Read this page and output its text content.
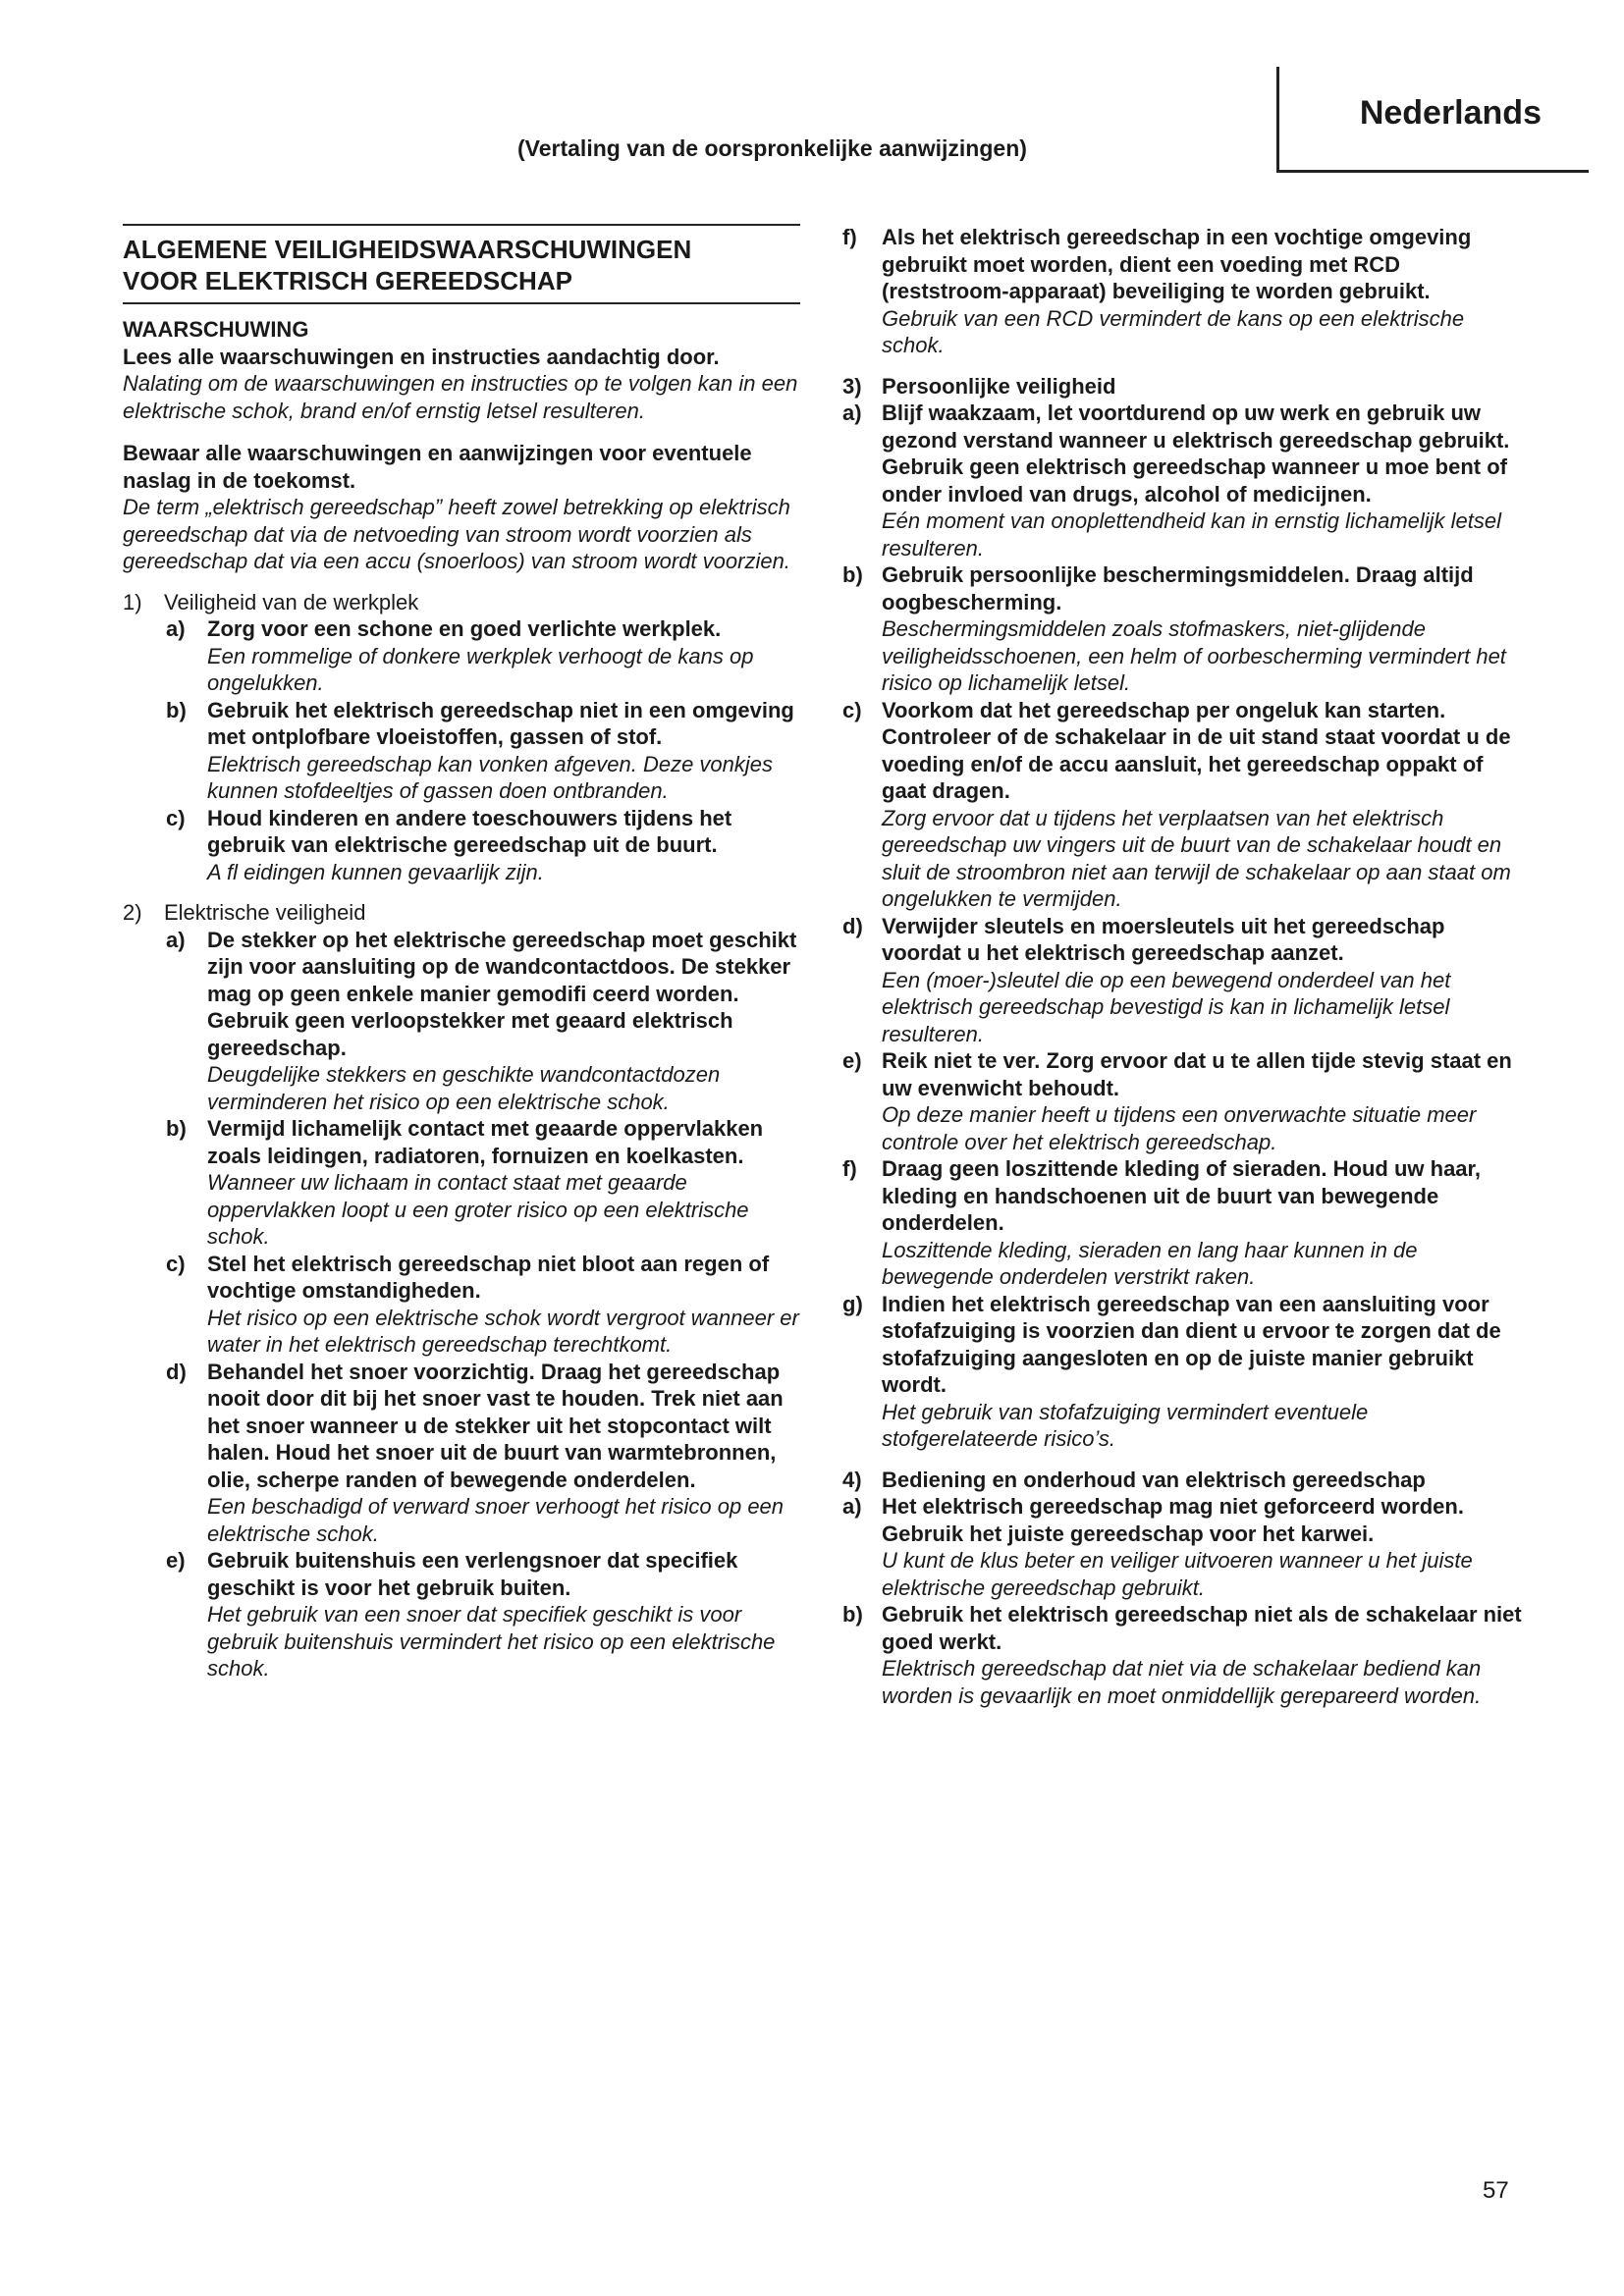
Nederlands
(Vertaling van de oorspronkelijke aanwijzingen)
ALGEMENE VEILIGHEIDSWAARSCHUWINGEN
VOOR ELEKTRISCH GEREEDSCHAP

WAARSCHUWING

Lees alle waarschuwingen en instructies aandachtig door.

Nalating om de waarschuwingen en instructies op te volgen kan in een elektrische schok, brand en/of ernstig letsel resulteren.

Bewaar alle waarschuwingen en aanwijzingen voor eventuele naslag in de toekomst.

De term „elektrisch gereedschap” heeft zowel betrekking op elektrisch gereedschap dat via de netvoeding van stroom wordt voorzien als gereedschap dat via een accu (snoerloos) van stroom wordt voorzien.

1)	Veiligheid van de werkplek
a)	Zorg voor een schone en goed verlichte werkplek.

Een rommelige of donkere werkplek verhoogt de kans op ongelukken.

b) Gebruik het elektrisch gereedschap niet in een omgeving met ontplofbare vloeistoffen, gassen of stof.

Elektrisch gereedschap kan vonken afgeven. Deze vonkjes kunnen stofdeeltjes of gassen doen ontbranden.

c)	Houd kinderen en andere toeschouwers tijdens het gebruik van elektrische gereedschap uit de buurt.

A fl eidingen kunnen gevaarlijk zijn.

2)	Elektrische veiligheid
a)	De stekker op het elektrische gereedschap moet geschikt zijn voor aansluiting op de wandcontactdoos. De stekker mag op geen enkele manier gemodifi ceerd worden. Gebruik geen verloopstekker met geaard elektrisch gereedschap.

Deugdelijke stekkers en geschikte wandcontactdozen verminderen het risico op een elektrische schok.

b) Vermijd lichamelijk contact met geaarde oppervlakken zoals leidingen, radiatoren, fornuizen en koelkasten.

Wanneer uw lichaam in contact staat met geaarde oppervlakken loopt u een groter risico op een elektrische schok.

c)	Stel het elektrisch gereedschap niet bloot aan regen of vochtige omstandigheden.

Het risico op een elektrische schok wordt vergroot wanneer er water in het elektrisch gereedschap terechtkomt.

d) Behandel het snoer voorzichtig. Draag het gereedschap nooit door dit bij het snoer vast te houden. Trek niet aan het snoer wanneer u de stekker uit het stopcontact wilt halen. Houd het snoer uit de buurt van warmtebronnen, olie, scherpe randen of bewegende onderdelen.

Een beschadigd of verward snoer verhoogt het risico op een elektrische schok.

e)	Gebruik buitenshuis een verlengsnoer dat specifiek geschikt is voor het gebruik buiten.

Het gebruik van een snoer dat specifiek geschikt is voor gebruik buitenshuis vermindert het risico op een elektrische schok.

f)	Als het elektrisch gereedschap in een vochtige omgeving gebruikt moet worden, dient een voeding met RCD (reststroom-apparaat) beveiliging te worden gebruikt.

Gebruik van een RCD vermindert de kans op een elektrische schok.

3) Persoonlijke veiligheid
a) Blijf waakzaam, let voortdurend op uw werk en gebruik uw gezond verstand wanneer u elektrisch gereedschap gebruikt. Gebruik geen elektrisch gereedschap wanneer u moe bent of onder invloed van drugs, alcohol of medicijnen.

Eén moment van onoplettendheid kan in ernstig lichamelijk letsel resulteren.

b) Gebruik persoonlijke beschermingsmiddelen. Draag altijd oogbescherming.

Beschermingsmiddelen zoals stofmaskers, niet-glijdende veiligheidsschoenen, een helm of oorbescherming vermindert het risico op lichamelijk letsel.

c) Voorkom dat het gereedschap per ongeluk kan starten. Controleer of de schakelaar in de uit stand staat voordat u de voeding en/of de accu aansluit, het gereedschap oppakt of gaat dragen.

Zorg ervoor dat u tijdens het verplaatsen van het elektrisch gereedschap uw vingers uit de buurt van de schakelaar houdt en sluit de stroombron niet aan terwijl de schakelaar op aan staat om ongelukken te vermijden.

d) Verwijder sleutels en moersleutels uit het gereedschap voordat u het elektrisch gereedschap aanzet.

Een (moer-)sleutel die op een bewegend onderdeel van het elektrisch gereedschap bevestigd is kan in lichamelijk letsel resulteren.

e) Reik niet te ver. Zorg ervoor dat u te allen tijde stevig staat en uw evenwicht behoudt.

Op deze manier heeft u tijdens een onverwachte situatie meer controle over het elektrisch gereedschap.

f)	Draag geen loszittende kleding of sieraden. Houd uw haar, kleding en handschoenen uit de buurt van bewegende onderdelen.

Loszittende kleding, sieraden en lang haar kunnen in de bewegende onderdelen verstrikt raken.

g) Indien het elektrisch gereedschap van een aansluiting voor stofafzuiging is voorzien dan dient u ervoor te zorgen dat de stofafzuiging aangesloten en op de juiste manier gebruikt wordt.

Het gebruik van stofafzuiging vermindert eventuele stofgerelateerde risico’s.

4) Bediening en onderhoud van elektrisch gereedschap
a) Het elektrisch gereedschap mag niet geforceerd worden. Gebruik het juiste gereedschap voor het karwei.

U kunt de klus beter en veiliger uitvoeren wanneer u het juiste elektrische gereedschap gebruikt.

b) Gebruik het elektrisch gereedschap niet als de schakelaar niet goed werkt.

Elektrisch gereedschap dat niet via de schakelaar bediend kan worden is gevaarlijk en moet onmiddellijk gerepareerd worden.

57
